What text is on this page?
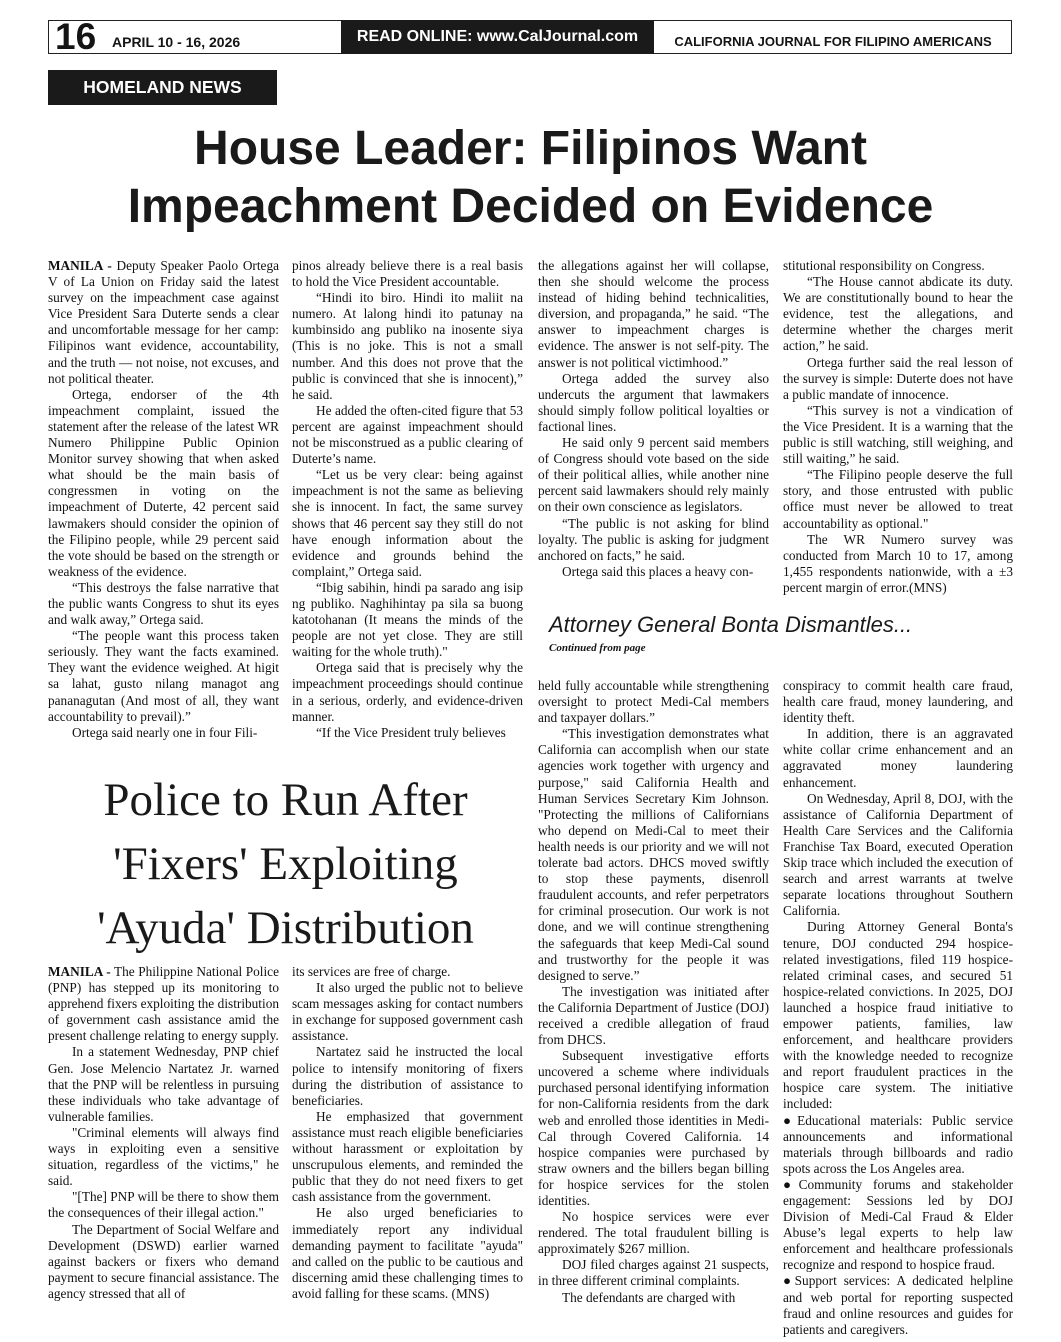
16 APRIL 10 - 16, 2026	READ ONLINE: www.CalJournal.com	CALIFORNIA JOURNAL FOR FILIPINO AMERICANS
HOMELAND NEWS
House Leader: Filipinos Want Impeachment Decided on Evidence

MANILA - Deputy Speaker Paolo Ortega V of La Union on Friday said the latest survey on the impeachment case against Vice President Sara Duterte sends a clear and uncomfortable message for her camp: Filipinos want evidence, accountability, and the truth — not noise, not excuses, and not political theater.

Ortega, endorser of the 4th impeachment complaint, issued the statement after the release of the latest WR Numero Philippine Public Opinion Monitor survey showing that when asked what should be the main basis of congressmen in voting on the impeachment of Duterte, 42 percent said lawmakers should consider the opinion of the Filipino people, while 29 percent said the vote should be based on the strength or weakness of the evidence.

“This destroys the false narrative that the public wants Congress to shut its eyes and walk away,” Ortega said.

“The people want this process taken seriously. They want the facts examined. They want the evidence weighed. At higit sa lahat, gusto nilang managot ang pananagutan (And most of all, they want accountability to prevail).”

Ortega said nearly one in four Fili-

pinos already believe there is a real basis to hold the Vice President accountable.

“Hindi ito biro. Hindi ito maliit na numero. At lalong hindi ito patunay na kumbinsido ang publiko na inosente siya (This is no joke. This is not a small number. And this does not prove that the public is convinced that she is innocent),” he said.

He added the often-cited figure that 53 percent are against impeachment should not be misconstrued as a public clearing of Duterte’s name.

“Let us be very clear: being against impeachment is not the same as believing she is innocent. In fact, the same survey shows that 46 percent say they still do not have enough information about the evidence and grounds behind the complaint,” Ortega said.

“Ibig sabihin, hindi pa sarado ang isip ng publiko. Naghihintay pa sila sa buong katotohanan (It means the minds of the people are not yet close. They are still waiting for the whole truth)."

Ortega said that is precisely why the impeachment proceedings should continue in a serious, orderly, and evidence-driven manner.

“If the Vice President truly believes

the allegations against her will collapse, then she should welcome the process instead of hiding behind technicalities, diversion, and propaganda,” he said. “The answer to impeachment charges is evidence. The answer is not self-pity. The answer is not political victimhood.”

Ortega added the survey also undercuts the argument that lawmakers should simply follow political loyalties or factional lines.

He said only 9 percent said members of Congress should vote based on the side of their political allies, while another nine percent said lawmakers should rely mainly on their own conscience as legislators.

“The public is not asking for blind loyalty. The public is asking for judgment anchored on facts,” he said.

Ortega said this places a heavy con-

stitutional responsibility on Congress.

“The House cannot abdicate its duty. We are constitutionally bound to hear the evidence, test the allegations, and determine whether the charges merit action,” he said.

Ortega further said the real lesson of the survey is simple: Duterte does not have a public mandate of innocence.

“This survey is not a vindication of the Vice President. It is a warning that the public is still watching, still weighing, and still waiting,” he said.

“The Filipino people deserve the full story, and those entrusted with public office must never be allowed to treat accountability as optional."

The WR Numero survey was conducted from March 10 to 17, among 1,455 respondents nationwide, with a ±3 percent margin of error.(MNS)

Attorney General Bonta Dismantles...
Continued from page
Police to Run After 'Fixers' Exploiting 'Ayuda' Distribution

MANILA - The Philippine National Police (PNP) has stepped up its monitoring to apprehend fixers exploiting the distribution of government cash assistance amid the present challenge relating to energy supply.

In a statement Wednesday, PNP chief Gen. Jose Melencio Nartatez Jr. warned that the PNP will be relentless in pursuing these individuals who take advantage of vulnerable families.

"Criminal elements will always find ways in exploiting even a sensitive situation, regardless of the victims," he said.

"[The] PNP will be there to show them the consequences of their illegal action."

The Department of Social Welfare and Development (DSWD) earlier warned against backers or fixers who demand payment to secure financial assistance. The agency stressed that all of

its services are free of charge.

It also urged the public not to believe scam messages asking for contact numbers in exchange for supposed government cash assistance.

Nartatez said he instructed the local police to intensify monitoring of fixers during the distribution of assistance to beneficiaries.

He emphasized that government assistance must reach eligible beneficiaries without harassment or exploitation by unscrupulous elements, and reminded the public that they do not need fixers to get cash assistance from the government.

He also urged beneficiaries to immediately report any individual demanding payment to facilitate "ayuda" and called on the public to be cautious and discerning amid these challenging times to avoid falling for these scams. (MNS)

held fully accountable while strengthening oversight to protect Medi-Cal members and taxpayer dollars.”

“This investigation demonstrates what California can accomplish when our state agencies work together with urgency and purpose," said California Health and Human Services Secretary Kim Johnson. "Protecting the millions of Californians who depend on Medi-Cal to meet their health needs is our priority and we will not tolerate bad actors. DHCS moved swiftly to stop these payments, disenroll fraudulent accounts, and refer perpetrators for criminal prosecution. Our work is not done, and we will continue strengthening the safeguards that keep Medi-Cal sound and trustworthy for the people it was designed to serve.”

The investigation was initiated after the California Department of Justice (DOJ) received a credible allegation of fraud from DHCS.

Subsequent investigative efforts uncovered a scheme where individuals purchased personal identifying information for non-California residents from the dark web and enrolled those identities in Medi-Cal through Covered California. 14 hospice companies were purchased by straw owners and the billers began billing for hospice services for the stolen identities.

No hospice services were ever rendered. The total fraudulent billing is approximately $267 million.

DOJ filed charges against 21 suspects, in three different criminal complaints.

The defendants are charged with

conspiracy to commit health care fraud, health care fraud, money laundering, and identity theft.

In addition, there is an aggravated white collar crime enhancement and an aggravated money laundering enhancement.

On Wednesday, April 8, DOJ, with the assistance of California Department of Health Care Services and the California Franchise Tax Board, executed Operation Skip trace which included the execution of search and arrest warrants at twelve separate locations throughout Southern California.

During Attorney General Bonta's tenure, DOJ conducted 294 hospice-related investigations, filed 119 hospice-related criminal cases, and secured 51 hospice-related convictions. In 2025, DOJ launched a hospice fraud initiative to empower patients, families, law enforcement, and healthcare providers with the knowledge needed to recognize and report fraudulent practices in the hospice care system. The initiative included:

●Educational materials: Public service announcements and informational materials through billboards and radio spots across the Los Angeles area.

●Community forums and stakeholder engagement: Sessions led by DOJ Division of Medi-Cal Fraud & Elder Abuse’s legal experts to help law enforcement and healthcare professionals recognize and respond to hospice fraud.

●Support services: A dedicated helpline and web portal for reporting suspected fraud and online resources and guides for patients and caregivers.
